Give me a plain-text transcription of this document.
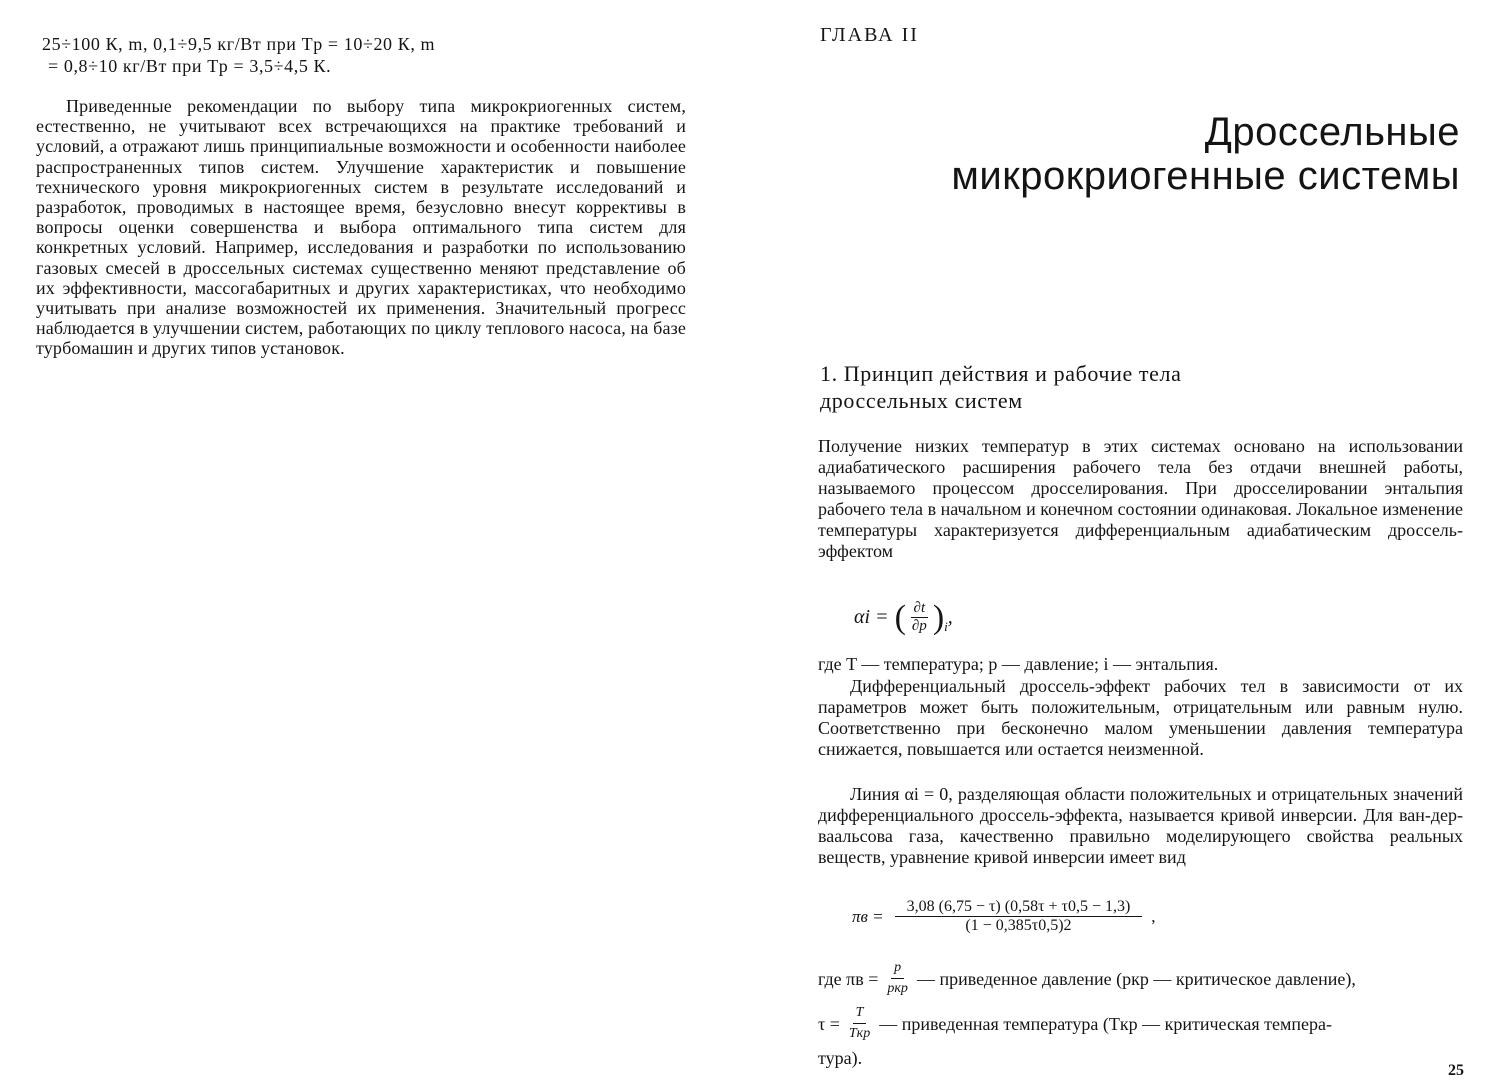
25÷100 К, m, 0,1÷9,5 кг/Вт при Tр = 10÷20 К, m
= 0,8÷10 кг/Вт при Tр = 3,5÷4,5 К.

Приведенные рекомендации по выбору типа микрокриогенных систем, естественно, не учитывают всех встречающихся на практике требований и условий, а отражают лишь принципиальные возможности и особенности наиболее распространенных типов систем. Улучшение характеристик и повышение технического уровня микрокриогенных систем в результате исследований и разработок, проводимых в настоящее время, безусловно внесут коррективы в вопросы оценки совершенства и выбора оптимального типа систем для конкретных условий. Например, исследования и разработки по использованию газовых смесей в дроссельных системах существенно меняют представление об их эффективности, массогабаритных и других характеристиках, что необходимо учитывать при анализе возможностей их применения. Значительный прогресс наблюдается в улучшении систем, работающих по циклу теплового насоса, на базе турбомашин и других типов установок.

ГЛАВА II
Дроссельные
микрокриогенные системы
1. Принцип действия и рабочие тела
дроссельных систем

Получение низких температур в этих системах основано на использовании адиабатического расширения рабочего тела без отдачи внешней работы, называемого процессом дросселирования. При дросселировании энтальпия рабочего тела в начальном и конечном состоянии одинаковая. Локальное изменение температуры характеризуется дифференциальным адиабатическим дроссель-эффектом

αi = ( $\frac{\partial t}{\partial p} )_i$ ,

где T — температура; p — давление; i — энтальпия.

Дифференциальный дроссель-эффект рабочих тел в зависимости от их параметров может быть положительным, отрицательным или равным нулю. Соответственно при бесконечно малом уменьшении давления температура снижается, повышается или остается неизменной.

Линия αi = 0, разделяющая области положительных и отрицательных значений дифференциального дроссель-эффекта, называется кривой инверсии. Для ван-дер-ваальсова газа, качественно правильно моделирующего свойства реальных веществ, уравнение кривой инверсии имеет вид

$\pi в = \frac{3,08 (6,75 - \tau) (0,58\tau + \tau 0,5 - 1,3)}{(1 - 0,385\tau 0,5)2}$ ,
где $\pi в = \frac{p}{\text{pкр}}$ — приведенное давление (pкр — критическое давление),
$\tau = \frac{T}{\text{Tкр}}$ — приведенная температура (Tкр — критическая темпера-
тура).
25
